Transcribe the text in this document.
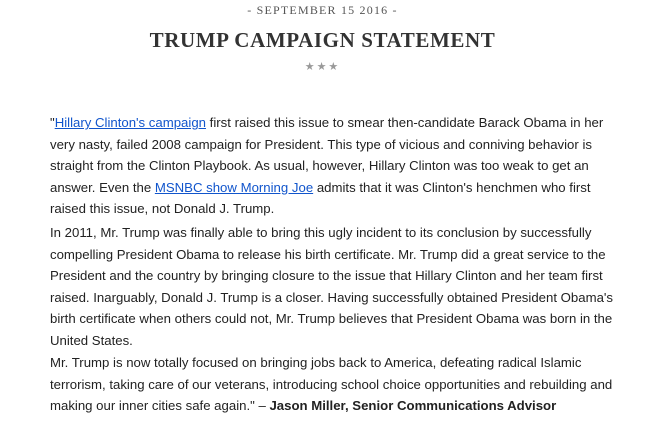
- SEPTEMBER 15 2016 -
TRUMP CAMPAIGN STATEMENT
★★★

"Hillary Clinton's campaign first raised this issue to smear then-candidate Barack Obama in her very nasty, failed 2008 campaign for President. This type of vicious and conniving behavior is straight from the Clinton Playbook. As usual, however, Hillary Clinton was too weak to get an answer. Even the MSNBC show Morning Joe admits that it was Clinton's henchmen who first raised this issue, not Donald J. Trump.

In 2011, Mr. Trump was finally able to bring this ugly incident to its conclusion by successfully compelling President Obama to release his birth certificate. Mr. Trump did a great service to the President and the country by bringing closure to the issue that Hillary Clinton and her team first raised. Inarguably, Donald J. Trump is a closer. Having successfully obtained President Obama's birth certificate when others could not, Mr. Trump believes that President Obama was born in the United States.

Mr. Trump is now totally focused on bringing jobs back to America, defeating radical Islamic terrorism, taking care of our veterans, introducing school choice opportunities and rebuilding and making our inner cities safe again." – Jason Miller, Senior Communications Advisor
